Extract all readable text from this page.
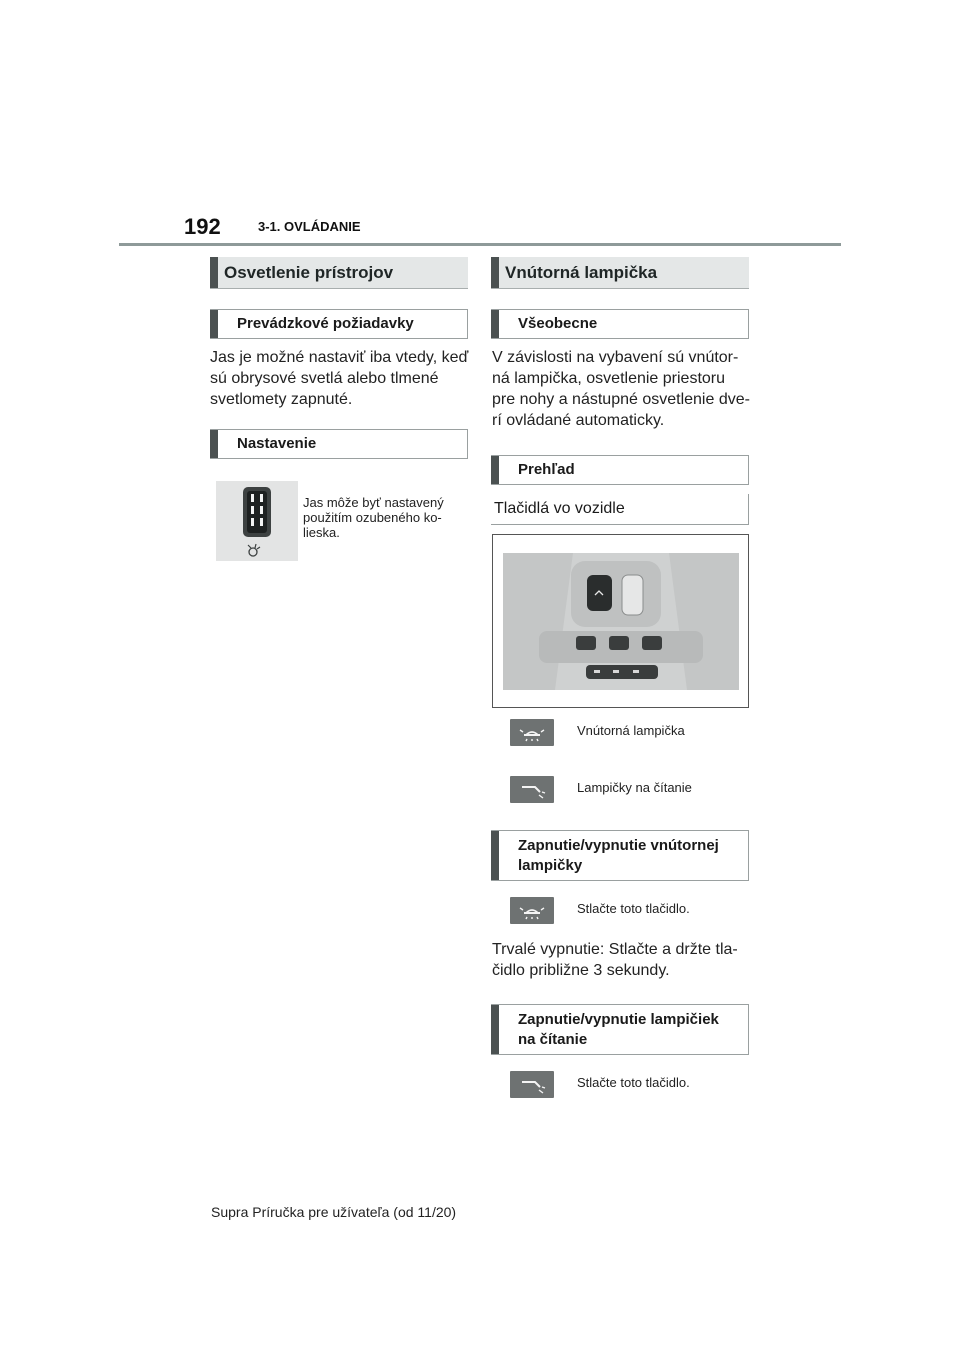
192	3-1. OVLÁDANIE
Osvetlenie prístrojov
Prevádzkové požiadavky
Jas je možné nastaviť iba vtedy, keď
sú obrysové svetlá alebo tlmené
svetlomety zapnuté.
Nastavenie
Jas môže byť nastavený
použitím ozubeného ko-
lieska.
Vnútorná lampička
Všeobecne
V závislosti na vybavení sú vnútor-
ná lampička, osvetlenie priestoru
pre nohy a nástupné osvetlenie dve-
rí ovládané automaticky.
Prehľad
Tlačidlá vo vozidle
Vnútorná lampička
Lampičky na čítanie
Zapnutie/vypnutie vnútornej
lampičky
Stlačte toto tlačidlo.
Trvalé vypnutie: Stlačte a držte tla-
čidlo približne 3 sekundy.
Zapnutie/vypnutie lampičiek
na čítanie
Stlačte toto tlačidlo.
Supra Príručka pre užívateľa (od 11/20)
